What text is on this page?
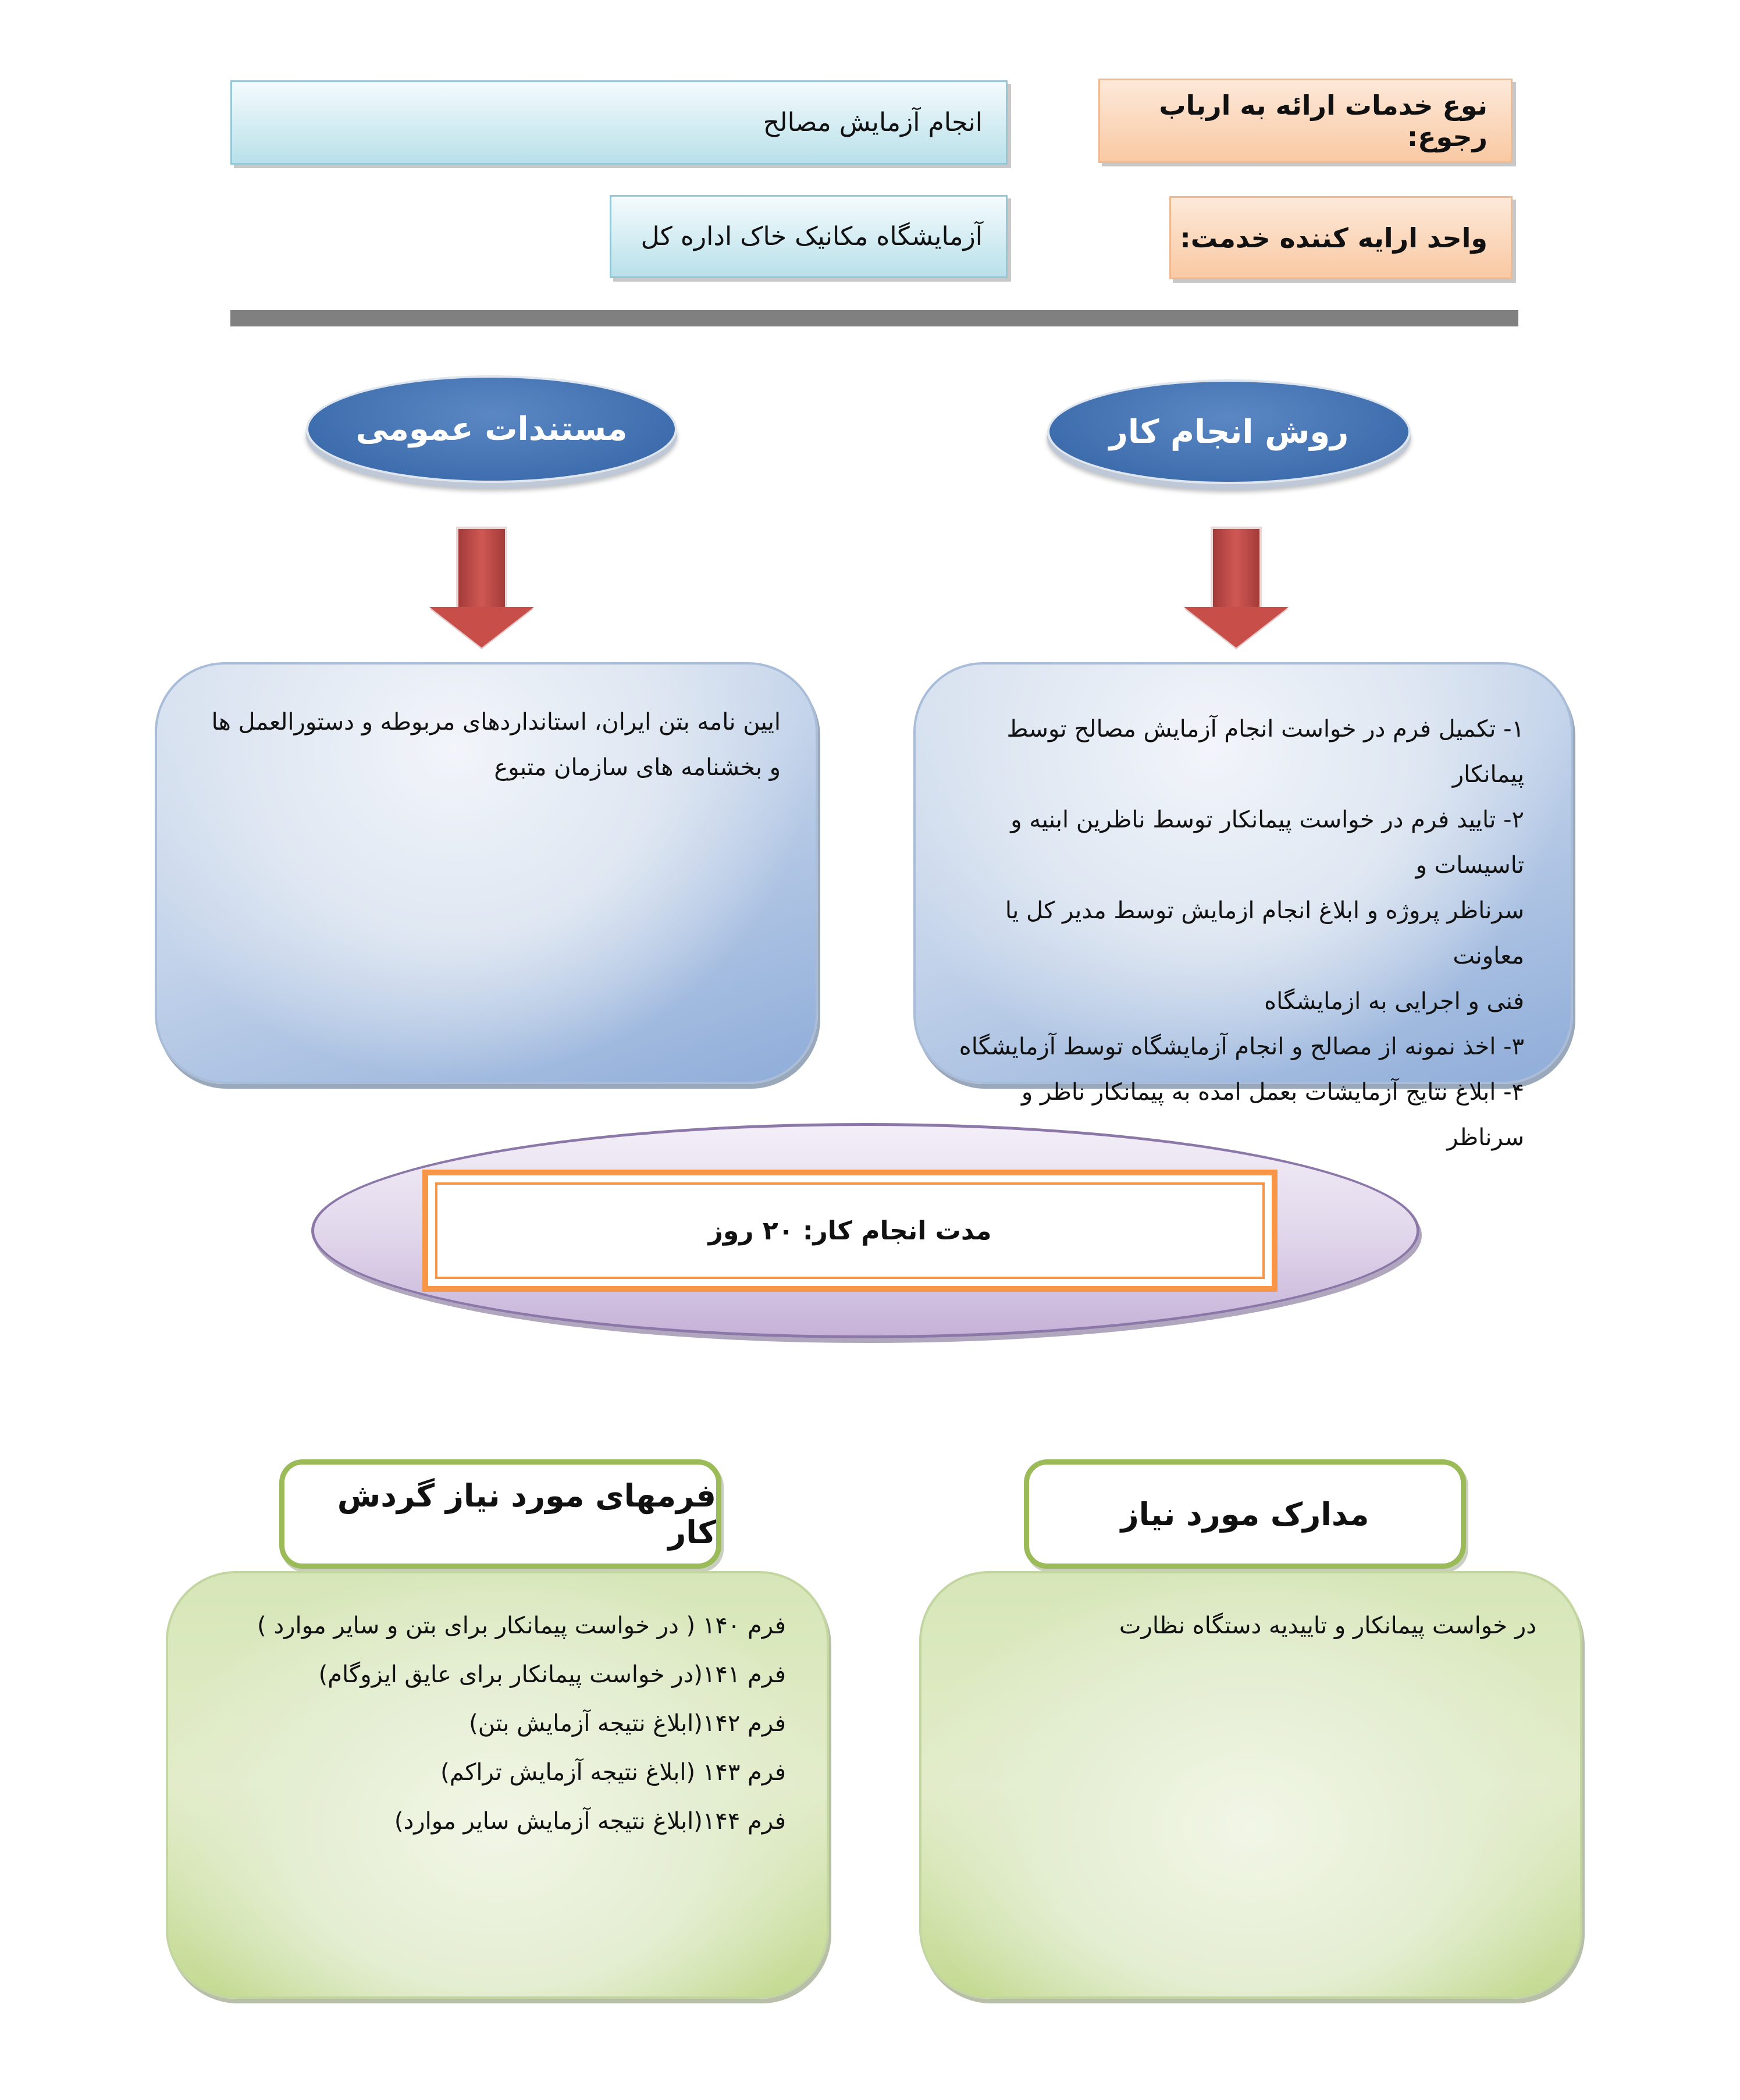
نوع خدمات ارائه به ارباب رجوع:
انجام آزمایش مصالح
واحد ارایه کننده خدمت:
آزمایشگاه مکانیک خاک اداره کل
روش انجام کار
مستندات عمومی
۱- تکمیل فرم در خواست انجام آزمایش مصالح توسط پیمانکار
۲- تایید فرم در خواست پیمانکار توسط ناظرین ابنیه و تاسیسات و
سرناظر پروژه و ابلاغ انجام ازمایش توسط مدیر کل یا معاونت
فنی و اجرایی به ازمایشگاه
۳- اخذ نمونه از مصالح و انجام آزمایشگاه توسط آزمایشگاه
۴- ابلاغ نتایج آزمایشات بعمل امده به پیمانکار ناظر و سرناظر
ایین نامه بتن ایران، استانداردهای مربوطه و دستورالعمل ها
و بخشنامه های سازمان متبوع
مدت انجام کار: ۲۰ روز
مدارک مورد نیاز
فرمهای مورد نیاز گردش کار
در خواست پیمانکار و تاییدیه دستگاه نظارت
فرم ۱۴۰ ( در خواست پیمانکار برای بتن و سایر موارد )
فرم ۱۴۱(در خواست پیمانکار برای عایق ایزوگام)
فرم ۱۴۲(ابلاغ نتیجه آزمایش بتن)
فرم ۱۴۳ (ابلاغ نتیجه آزمایش تراکم)
فرم ۱۴۴(ابلاغ نتیجه آزمایش سایر موارد)
